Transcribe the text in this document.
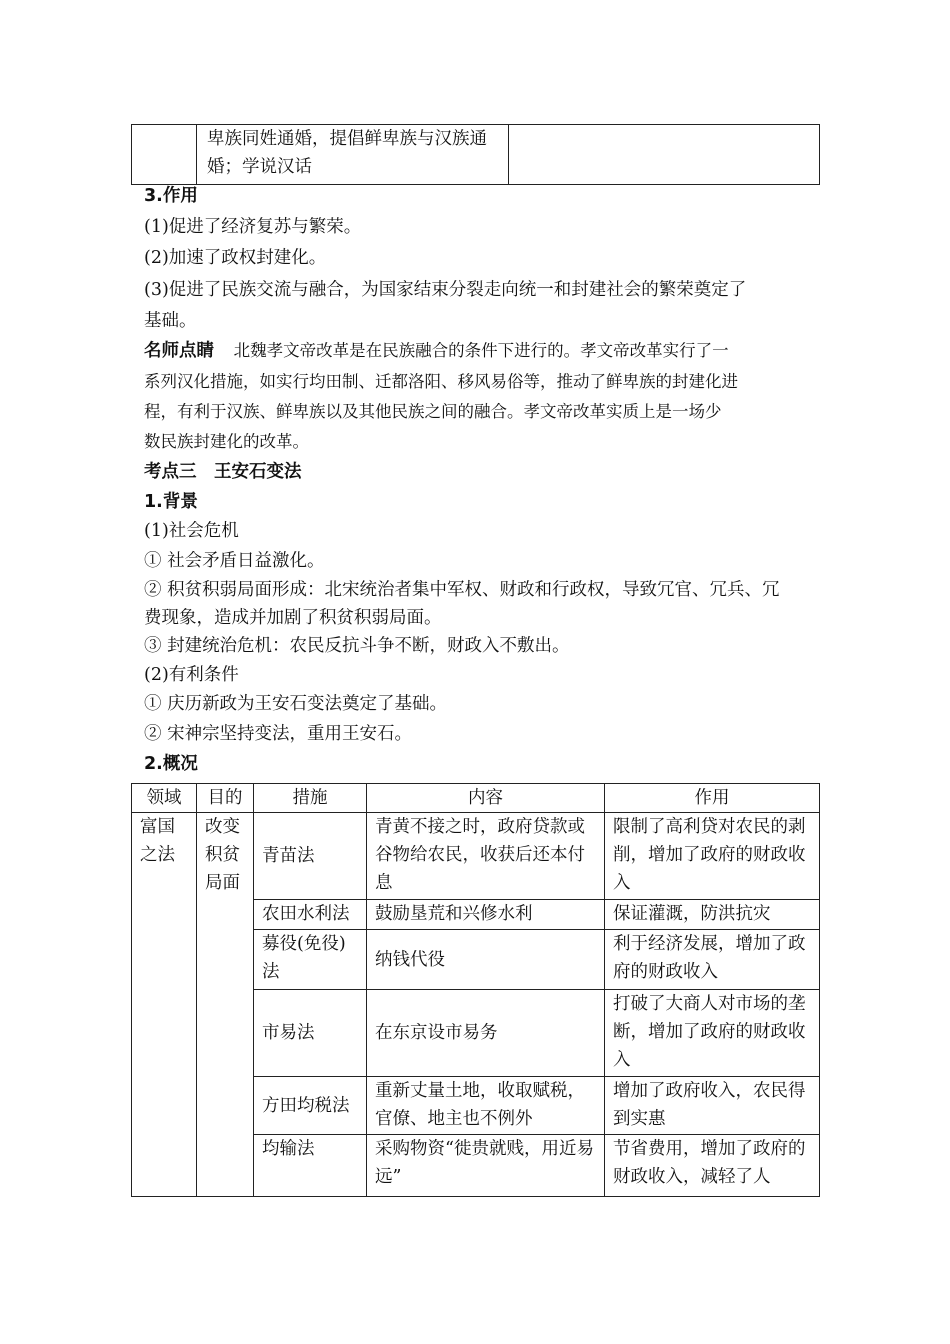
	卑族同姓通婚，提倡鲜卑族与汉族通婚；学说汉话	
3.作用
(1)促进了经济复苏与繁荣。
(2)加速了政权封建化。
(3)促进了民族交流与融合，为国家结束分裂走向统一和封建社会的繁荣奠定了
基础。
名师点睛 北魏孝文帝改革是在民族融合的条件下进行的。孝文帝改革实行了一
系列汉化措施，如实行均田制、迁都洛阳、移风易俗等，推动了鲜卑族的封建化进
程，有利于汉族、鲜卑族以及其他民族之间的融合。孝文帝改革实质上是一场少
数民族封建化的改革。
考点三　王安石变法
1.背景
(1)社会危机
① 社会矛盾日益激化。
② 积贫积弱局面形成：北宋统治者集中军权、财政和行政权，导致冗官、冗兵、冗
费现象，造成并加剧了积贫积弱局面。
③ 封建统治危机：农民反抗斗争不断，财政入不敷出。
(2)有利条件
① 庆历新政为王安石变法奠定了基础。
② 宋神宗坚持变法，重用王安石。
2.概况
领域	目的	措施	内容	作用
富国之法	改变积贫局面	青苗法	青黄不接之时，政府贷款或谷物给农民，收获后还本付息	限制了高利贷对农民的剥削，增加了政府的财政收入
		农田水利法	鼓励垦荒和兴修水利	保证灌溉，防洪抗灾
		募役(免役)法	纳钱代役	利于经济发展，增加了政府的财政收入
		市易法	在东京设市易务	打破了大商人对市场的垄断，增加了政府的财政收入
		方田均税法	重新丈量土地，收取赋税，官僚、地主也不例外	增加了政府收入，农民得到实惠
		均输法	采购物资“徙贵就贱，用近易远”	节省费用，增加了政府的财政收入，减轻了人
